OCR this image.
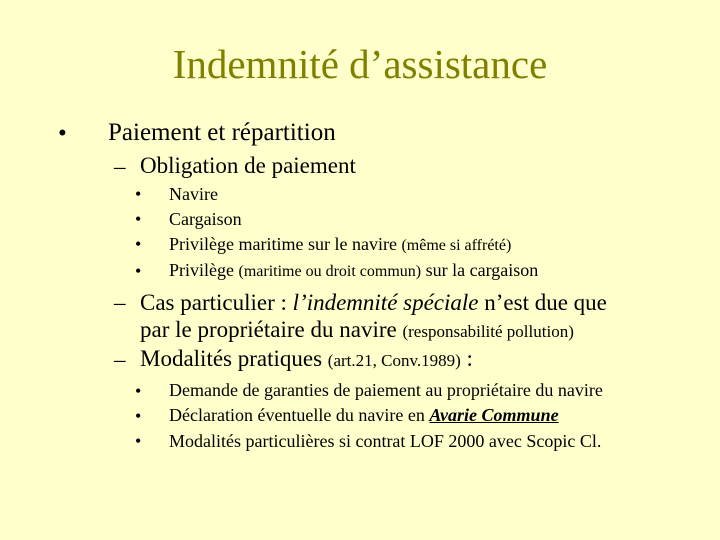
Indemnité d’assistance
• Paiement et répartition
– Obligation de paiement
• Navire
• Cargaison
• Privilège maritime sur le navire (même si affrété)
• Privilège (maritime ou droit commun) sur la cargaison
– Cas particulier : l’indemnité spéciale n’est due que
par le propriétaire du navire (responsabilité pollution)
– Modalités pratiques (art.21, Conv.1989) :
• Demande de garanties de paiement au propriétaire du navire
• Déclaration éventuelle du navire en Avarie Commune
• Modalités particulières si contrat LOF 2000 avec Scopic Cl.
